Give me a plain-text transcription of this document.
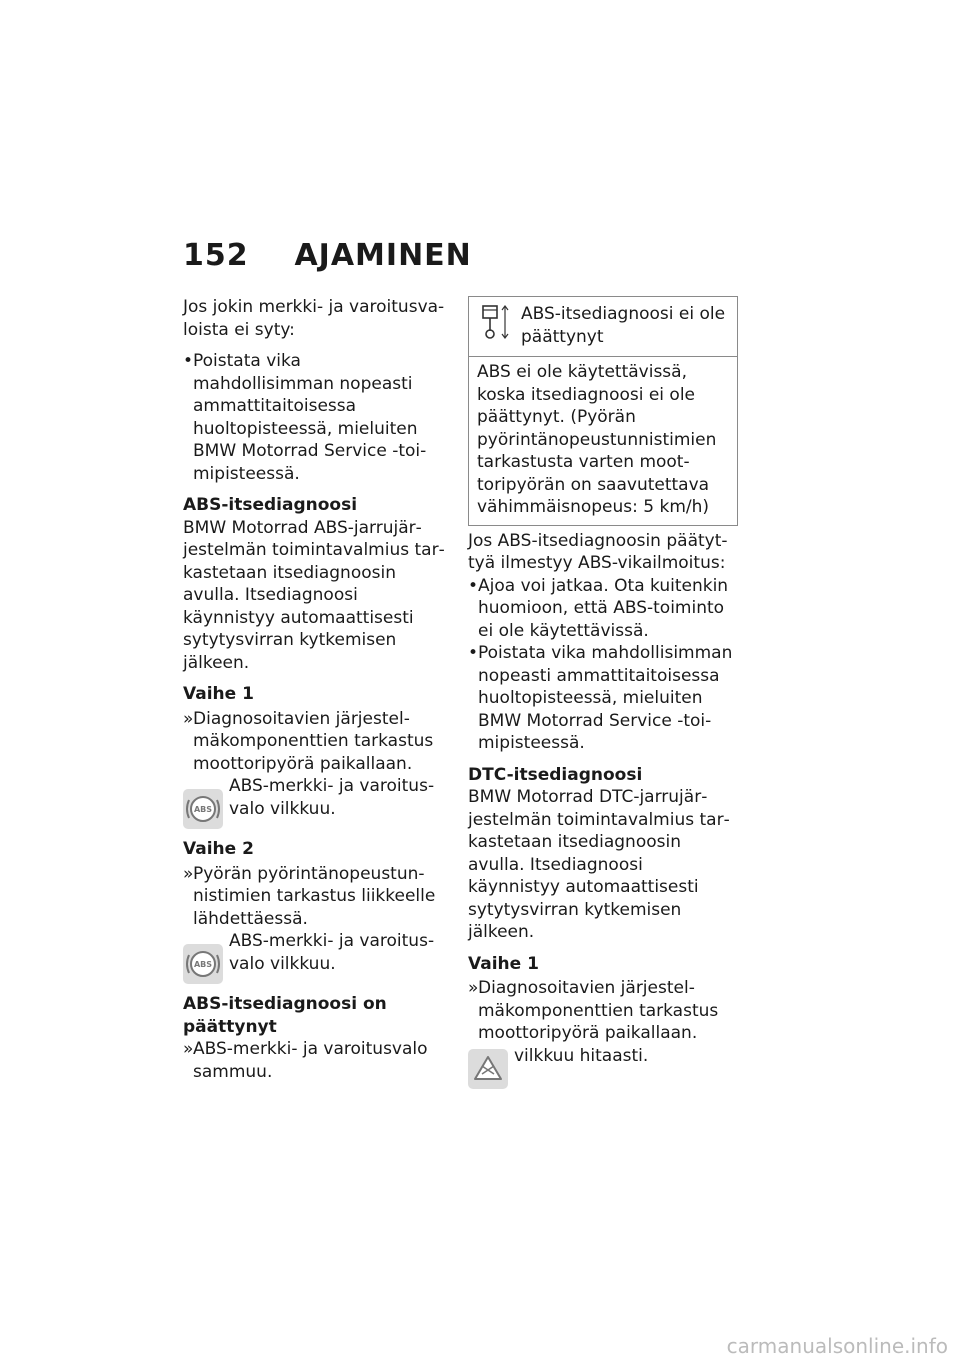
152 AJAMINEN

Jos jokin merkki- ja varoitusvaloista ei syty:

• Poistata vika mahdollisimman nopeasti ammattitaitoisessa huoltopisteessä, mieluiten BMW Motorrad Service -toimipisteessä.

ABS-itsediagnoosi

BMW Motorrad ABS-jarrujärjestelmän toimintavalmius tarkastetaan itsediagnoosin avulla. Itsediagnoosi käynnistyy automaattisesti sytytysvirran kytkemisen jälkeen.

Vaihe 1

» Diagnosoitavien järjestelmäkomponenttien tarkastus moottoripyörä paikallaan.
ABS
ABS-merkki- ja varoitusvalo vilkkuu.

Vaihe 2

» Pyörän pyörintänopeustunnistimien tarkastus liikkeelle lähdettäessä.
ABS
ABS-merkki- ja varoitusvalo vilkkuu.

ABS-itsediagnoosi on päättynyt

» ABS-merkki- ja varoitusvalo sammuu.
ABS-itsediagnoosi ei ole päättynyt
ABS ei ole käytettävissä, koska itsediagnoosi ei ole päättynyt. (Pyörän pyörintänopeustunnistimien tarkastusta varten moottoripyörän on saavutettava vähimmäisnopeus: 5 km/h)

Jos ABS-itsediagnoosin päätyttyä ilmestyy ABS-vikailmoitus:

• Ajoa voi jatkaa. Ota kuitenkin huomioon, että ABS-toiminto ei ole käytettävissä.
• Poistata vika mahdollisimman nopeasti ammattitaitoisessa huoltopisteessä, mieluiten BMW Motorrad Service -toimipisteessä.

DTC-itsediagnoosi

BMW Motorrad DTC-jarrujärjestelmän toimintavalmius tarkastetaan itsediagnoosin avulla. Itsediagnoosi käynnistyy automaattisesti sytytysvirran kytkemisen jälkeen.

Vaihe 1

» Diagnosoitavien järjestelmäkomponenttien tarkastus moottoripyörä paikallaan.
vilkkuu hitaasti.
carmanualsonline.info
